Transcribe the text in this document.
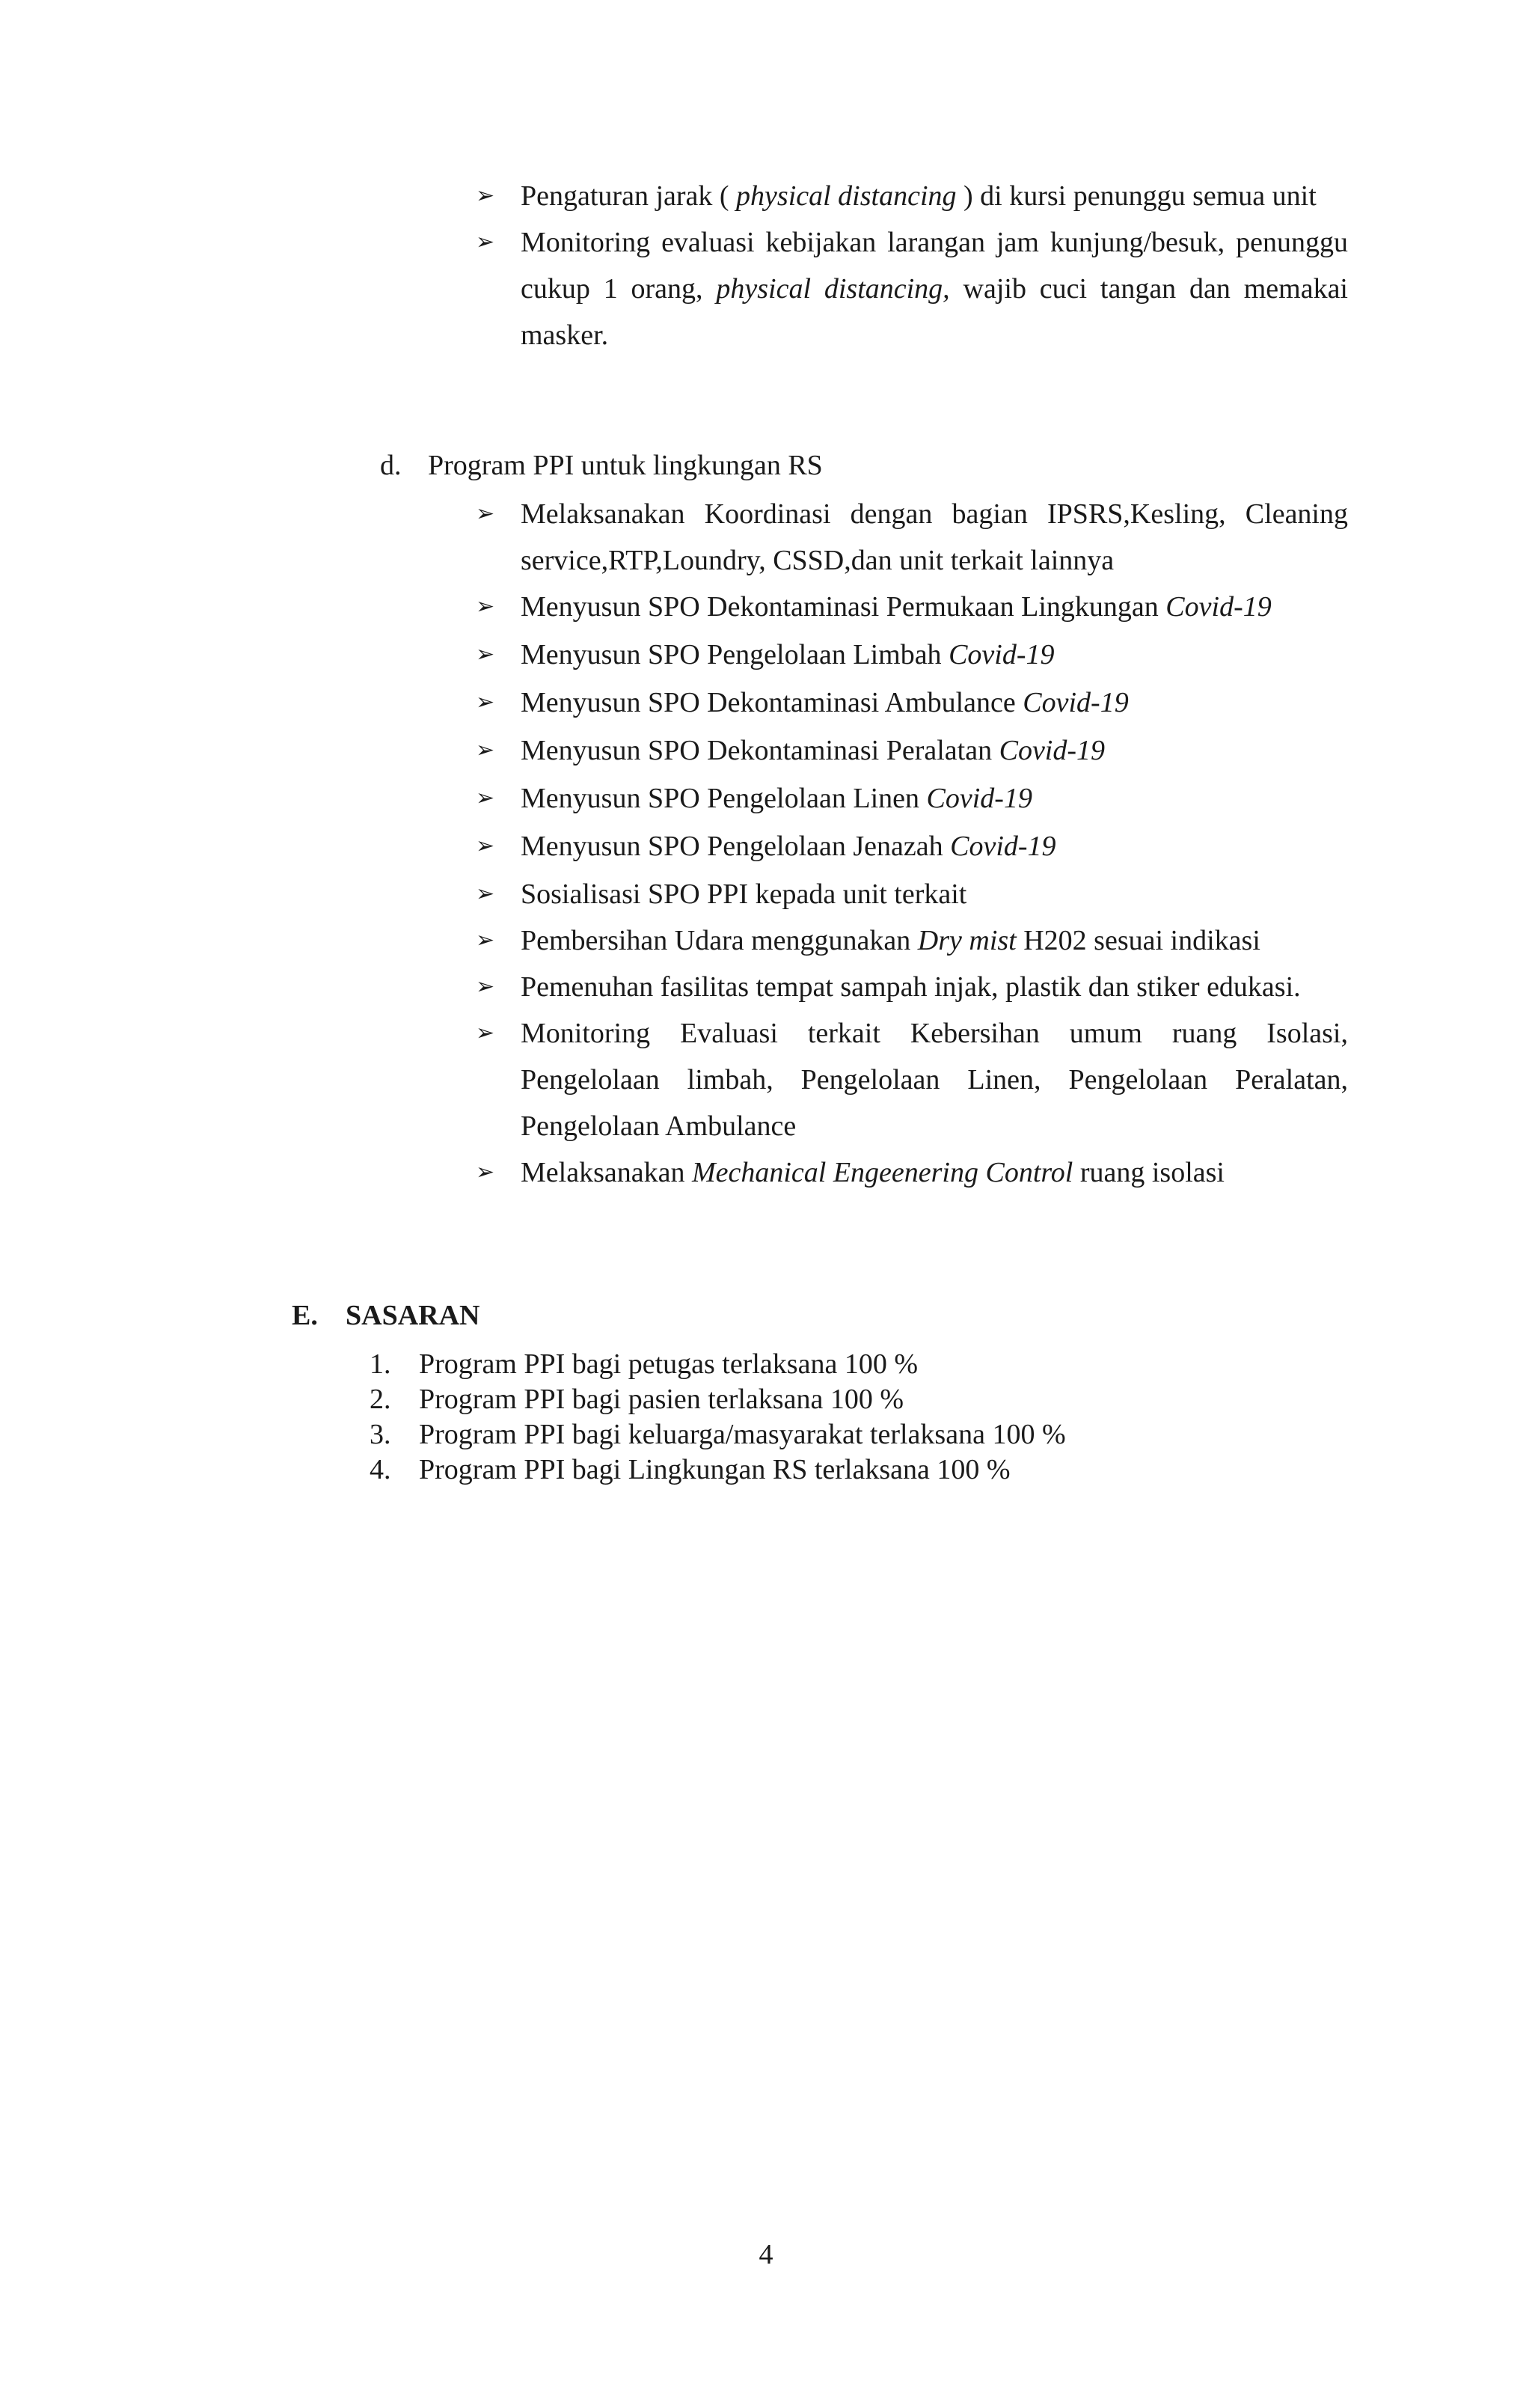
➢ Pengaturan jarak ( physical distancing ) di kursi penunggu semua unit
➢ Monitoring evaluasi kebijakan larangan jam kunjung/besuk, penunggu cukup 1 orang, physical distancing, wajib cuci tangan dan memakai masker.
d. Program PPI untuk lingkungan RS
➢ Melaksanakan Koordinasi dengan bagian IPSRS,Kesling, Cleaning service,RTP,Loundry, CSSD,dan unit terkait lainnya
➢ Menyusun SPO Dekontaminasi Permukaan Lingkungan Covid-19
➢ Menyusun SPO Pengelolaan Limbah Covid-19
➢ Menyusun SPO Dekontaminasi Ambulance Covid-19
➢ Menyusun SPO Dekontaminasi Peralatan Covid-19
➢ Menyusun SPO Pengelolaan Linen Covid-19
➢ Menyusun SPO Pengelolaan Jenazah Covid-19
➢ Sosialisasi SPO PPI kepada unit terkait
➢ Pembersihan Udara menggunakan Dry mist H202 sesuai indikasi
➢ Pemenuhan fasilitas tempat sampah injak, plastik dan stiker edukasi.
➢ Monitoring Evaluasi terkait Kebersihan umum ruang Isolasi, Pengelolaan limbah, Pengelolaan Linen, Pengelolaan Peralatan, Pengelolaan Ambulance
➢ Melaksanakan Mechanical Engeenering Control ruang isolasi
E. SASARAN
1. Program PPI bagi petugas terlaksana 100 %
2. Program PPI bagi pasien terlaksana 100 %
3. Program PPI bagi keluarga/masyarakat terlaksana 100 %
4. Program PPI bagi Lingkungan RS terlaksana 100 %
4
